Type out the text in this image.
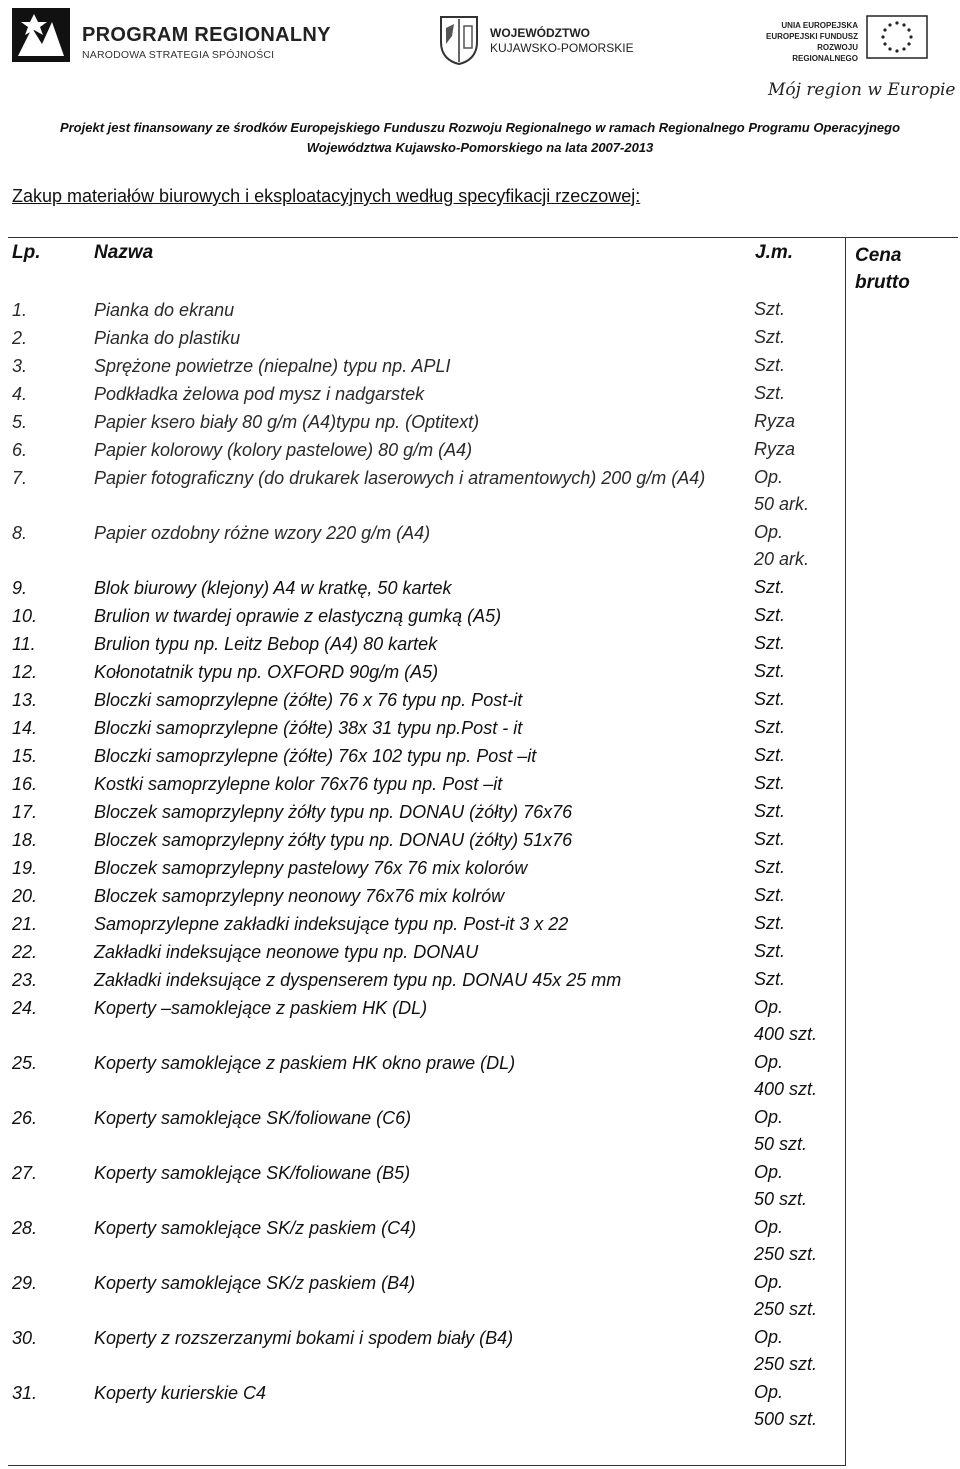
PROGRAM REGIONALNY
NARODOWA STRATEGIA SPÓJNOŚCI
WOJEWÓDZTWO
KUJAWSKO-POMORSKIE
UNIA EUROPEJSKA
EUROPEJSKI FUNDUSZ
ROZWOJU REGIONALNEGO
Mój region w Europie
Projekt jest finansowany ze środków Europejskiego Funduszu Rozwoju Regionalnego w ramach Regionalnego Programu Operacyjnego
Województwa Kujawsko-Pomorskiego na lata 2007-2013
Zakup materiałów biurowych i eksploatacyjnych według specyfikacji rzeczowej:
Lp.	Nazwa	J.m.	Cena brutto
1.	Pianka do ekranu	Szt.
2.	Pianka do plastiku	Szt.
3.	Sprężone powietrze (niepalne) typu np. APLI	Szt.
4.	Podkładka żelowa pod mysz i nadgarstek	Szt.
5.	Papier ksero biały 80 g/m (A4)typu np. (Optitext)	Ryza
6.	Papier kolorowy (kolory pastelowe) 80 g/m (A4)	Ryza
7.	Papier fotograficzny (do drukarek laserowych i atramentowych) 200 g/m (A4)	Op.
50 ark.
8.	Papier ozdobny różne wzory 220 g/m (A4)	Op.
20 ark.
9.	Blok biurowy (klejony) A4 w kratkę, 50 kartek	Szt.
10.	Brulion w twardej oprawie z elastyczną gumką (A5)	Szt.
11.	Brulion typu np. Leitz Bebop (A4) 80 kartek	Szt.
12.	Kołonotatnik typu np. OXFORD 90g/m (A5)	Szt.
13.	Bloczki samoprzylepne (żółte) 76 x 76 typu np. Post-it	Szt.
14.	Bloczki samoprzylepne (żółte) 38x 31 typu np.Post - it	Szt.
15.	Bloczki samoprzylepne (żółte) 76x 102 typu np. Post –it	Szt.
16.	Kostki samoprzylepne kolor 76x76 typu np. Post –it	Szt.
17.	Bloczek samoprzylepny żółty typu np. DONAU (żółty) 76x76	Szt.
18.	Bloczek samoprzylepny żółty typu np. DONAU (żółty) 51x76	Szt.
19.	Bloczek samoprzylepny pastelowy 76x 76 mix kolorów	Szt.
20.	Bloczek samoprzylepny neonowy 76x76 mix kolrów	Szt.
21.	Samoprzylepne zakładki indeksujące typu np. Post-it 3 x 22	Szt.
22.	Zakładki indeksujące neonowe typu np. DONAU	Szt.
23.	Zakładki indeksujące z dyspenserem typu np. DONAU 45x 25 mm	Szt.
24.	Koperty –samoklejące z paskiem HK (DL)	Op.
400 szt.
25.	Koperty samoklejące z paskiem HK okno prawe (DL)	Op.
400 szt.
26.	Koperty samoklejące SK/foliowane (C6)	Op.
50 szt.
27.	Koperty samoklejące SK/foliowane (B5)	Op.
50 szt.
28.	Koperty samoklejące SK/z paskiem (C4)	Op.
250 szt.
29.	Koperty samoklejące SK/z paskiem (B4)	Op.
250 szt.
30.	Koperty z rozszerzanymi bokami i spodem biały (B4)	Op.
250 szt.
31.	Koperty kurierskie C4	Op.
500 szt.
